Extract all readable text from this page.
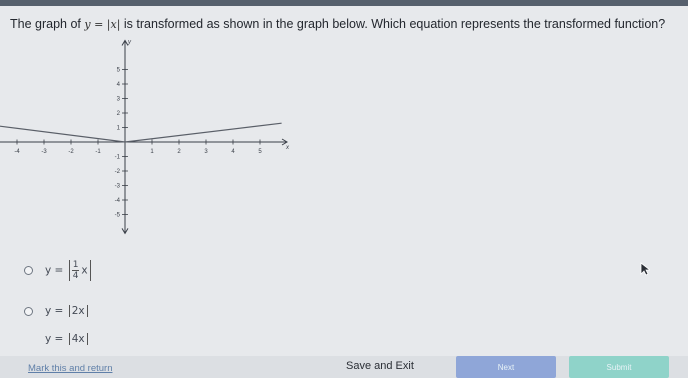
The graph of y = |x| is transformed as shown in the graph below. Which equation represents the transformed function?
x
y
-4	-3	-2	-1	1	2	3	4	5
5
4
3
2
1
-1
-2
-3
-4
-5
$y = \frac{1}{4}$ x
y = 2x
y = 4x
Mark this and return	Save and Exit	Next	Submit
